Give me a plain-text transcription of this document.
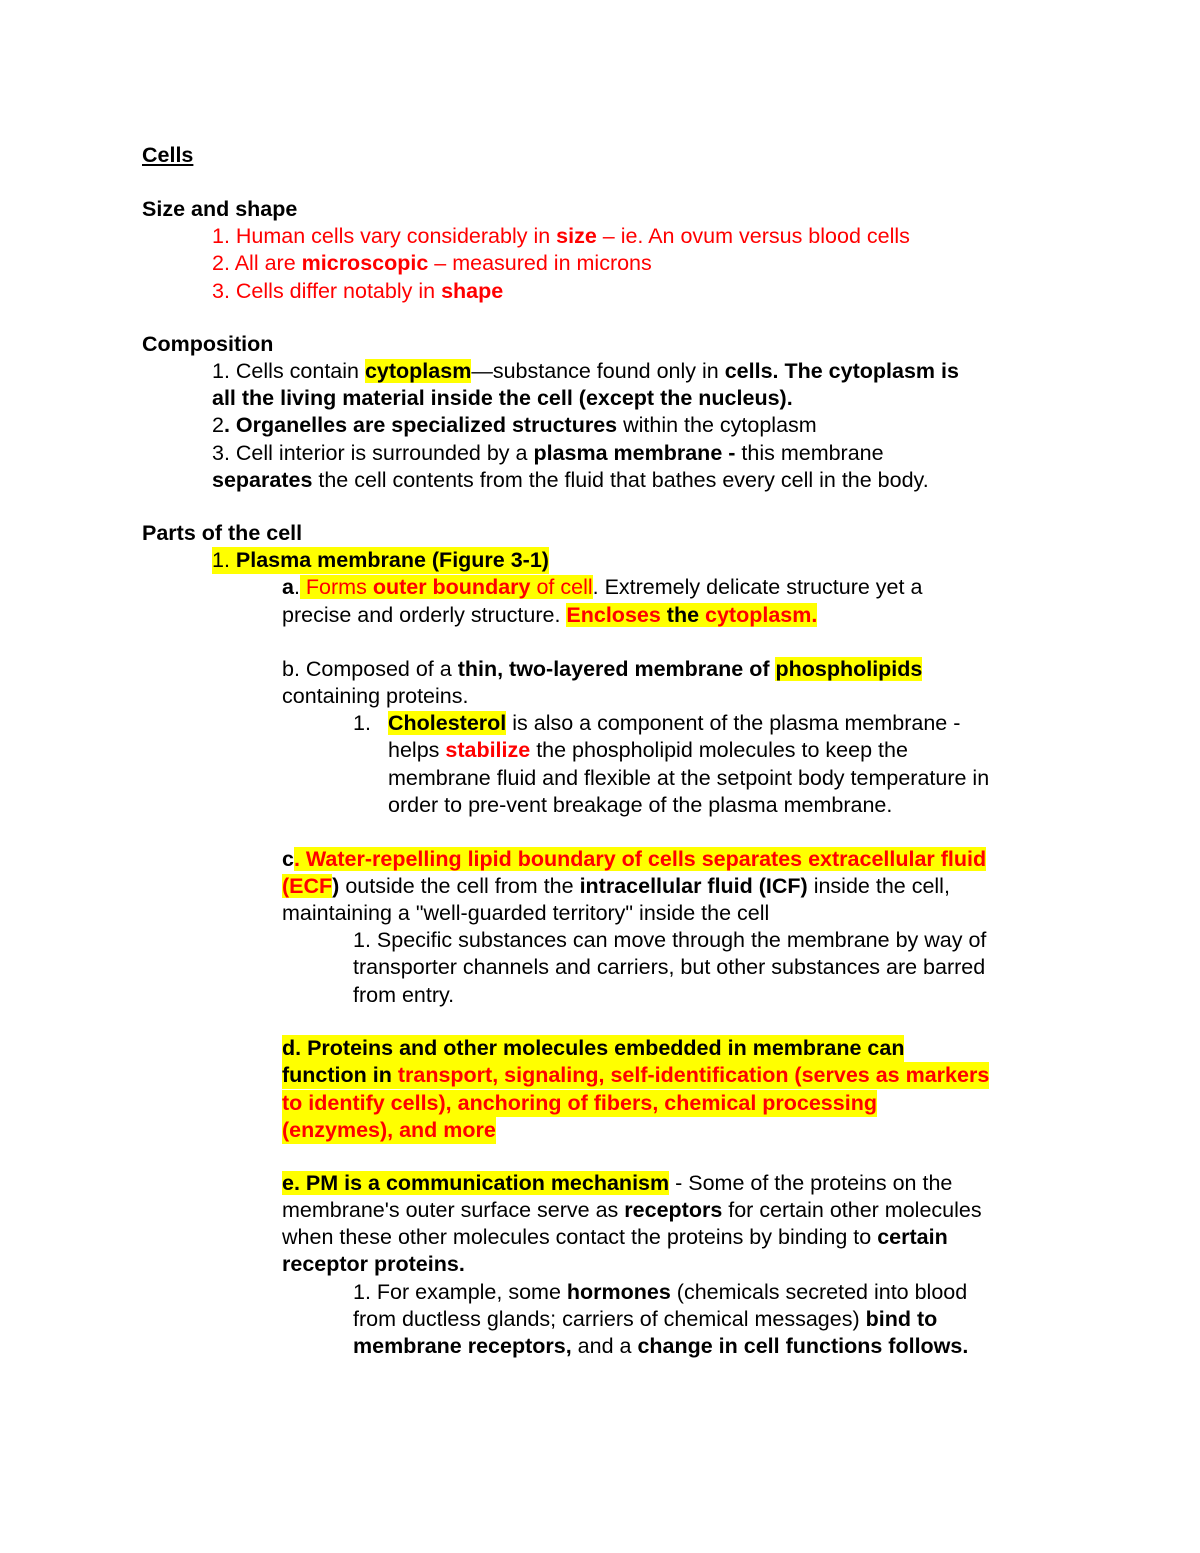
Cells
Size and shape
1. Human cells vary considerably in size – ie. An ovum versus blood cells
2. All are microscopic – measured in microns
3. Cells differ notably in shape
Composition
1. Cells contain cytoplasm—substance found only in cells. The cytoplasm is
all the living material inside the cell (except the nucleus).
2. Organelles are specialized structures within the cytoplasm
3. Cell interior is surrounded by a plasma membrane - this membrane
separates the cell contents from the fluid that bathes every cell in the body.
Parts of the cell
1. Plasma membrane (Figure 3-1)
a. Forms outer boundary of cell. Extremely delicate structure yet a
precise and orderly structure. Encloses the cytoplasm.
b. Composed of a thin, two-layered membrane of phospholipids
containing proteins.
1. Cholesterol is also a component of the plasma membrane -
helps stabilize the phospholipid molecules to keep the
membrane fluid and flexible at the setpoint body temperature in
order to pre-vent breakage of the plasma membrane.
c. Water-repelling lipid boundary of cells separates extracellular fluid
(ECF) outside the cell from the intracellular fluid (ICF) inside the cell,
maintaining a "well-guarded territory" inside the cell
1. Specific substances can move through the membrane by way of
transporter channels and carriers, but other substances are barred
from entry.
d. Proteins and other molecules embedded in membrane can
function in transport, signaling, self-identification (serves as markers
to identify cells), anchoring of fibers, chemical processing
(enzymes), and more
e. PM is a communication mechanism - Some of the proteins on the
membrane's outer surface serve as receptors for certain other molecules
when these other molecules contact the proteins by binding to certain
receptor proteins.
1. For example, some hormones (chemicals secreted into blood
from ductless glands; carriers of chemical messages) bind to
membrane receptors, and a change in cell functions follows.
